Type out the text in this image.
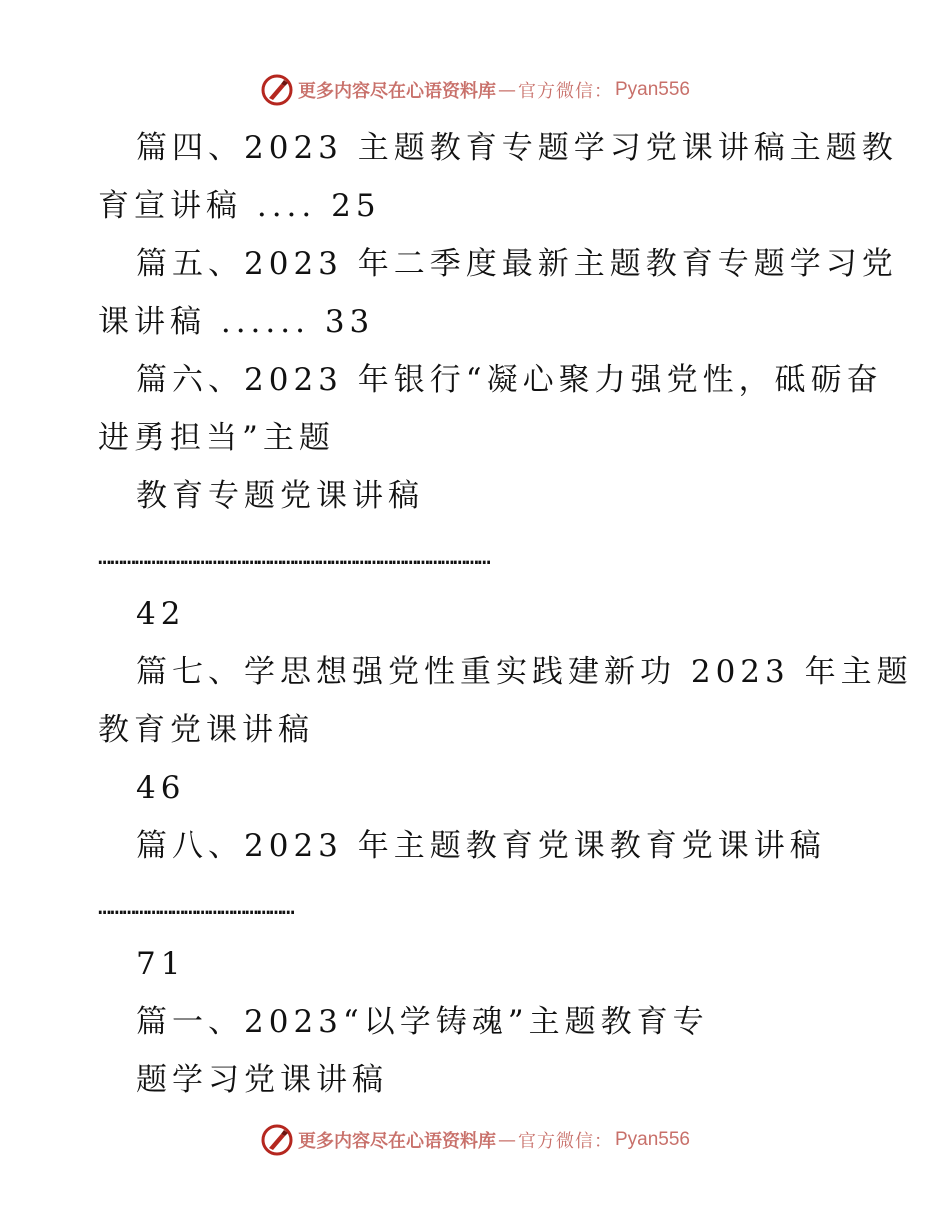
更多内容尽在心语资料库 — 官方微信： Pyan556
篇四、2023 主题教育专题学习党课讲稿主题教
育宣讲稿 .... 25
篇五、2023 年二季度最新主题教育专题学习党
课讲稿 ...... 33
篇六、2023 年银行“凝心聚力强党性，砥砺奋
进勇担当”主题
教育专题党课讲稿
……………………………………………………………………………………
42
篇七、学思想强党性重实践建新功 2023 年主题
教育党课讲稿
46
篇八、2023 年主题教育党课教育党课讲稿
…………………………………………
71
篇一、2023“以学铸魂”主题教育专
题学习党课讲稿
更多内容尽在心语资料库 — 官方微信： Pyan556
